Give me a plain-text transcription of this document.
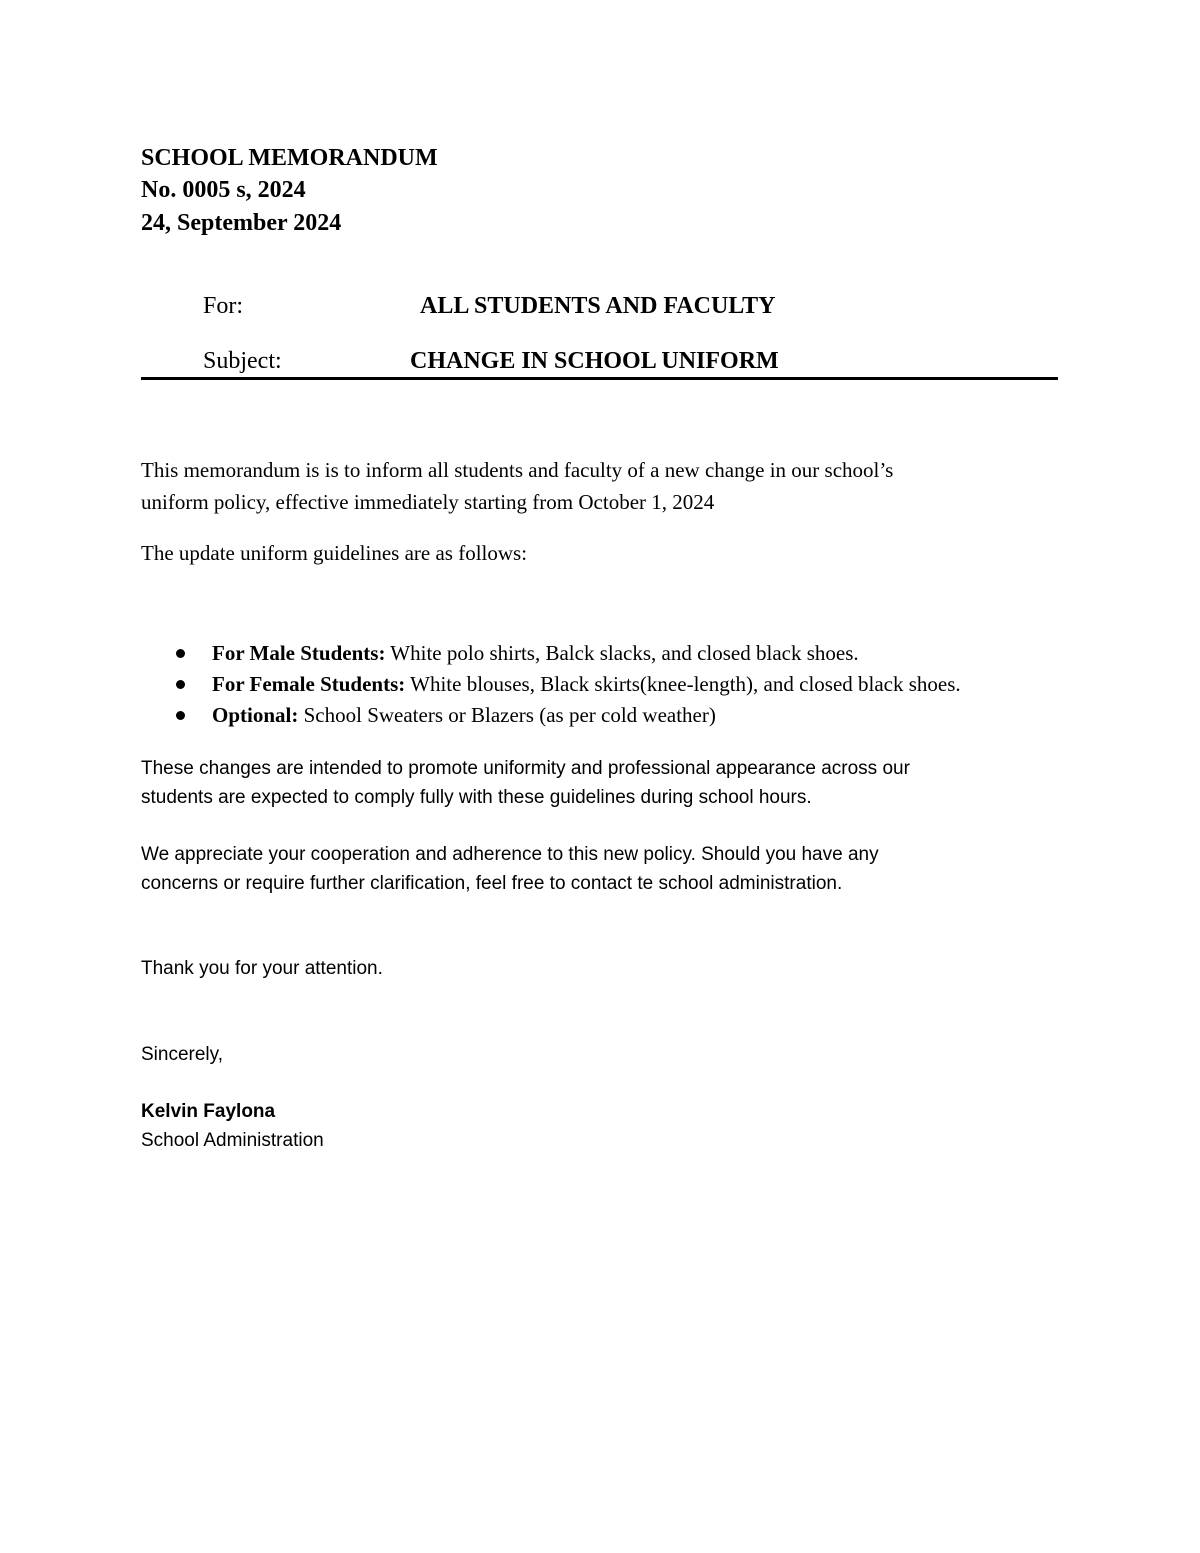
SCHOOL MEMORANDUM
No. 0005 s, 2024
24, September 2024
For:	ALL STUDENTS AND FACULTY
Subject:	CHANGE IN SCHOOL UNIFORM
This memorandum is is to inform all students and faculty of a new change in our school’s
uniform policy, effective immediately starting from October 1, 2024
The update uniform guidelines are as follows:
For Male Students: White polo shirts, Balck slacks, and closed black shoes.
For Female Students: White blouses, Black skirts(knee-length), and closed black shoes.
Optional: School Sweaters or Blazers (as per cold weather)
These changes are intended to promote uniformity and professional appearance across our
students are expected to comply fully with these guidelines during school hours.
We appreciate your cooperation and adherence to this new policy. Should you have any
concerns or require further clarification, feel free to contact te school administration.
Thank you for your attention.
Sincerely,
Kelvin Faylona
School Administration
